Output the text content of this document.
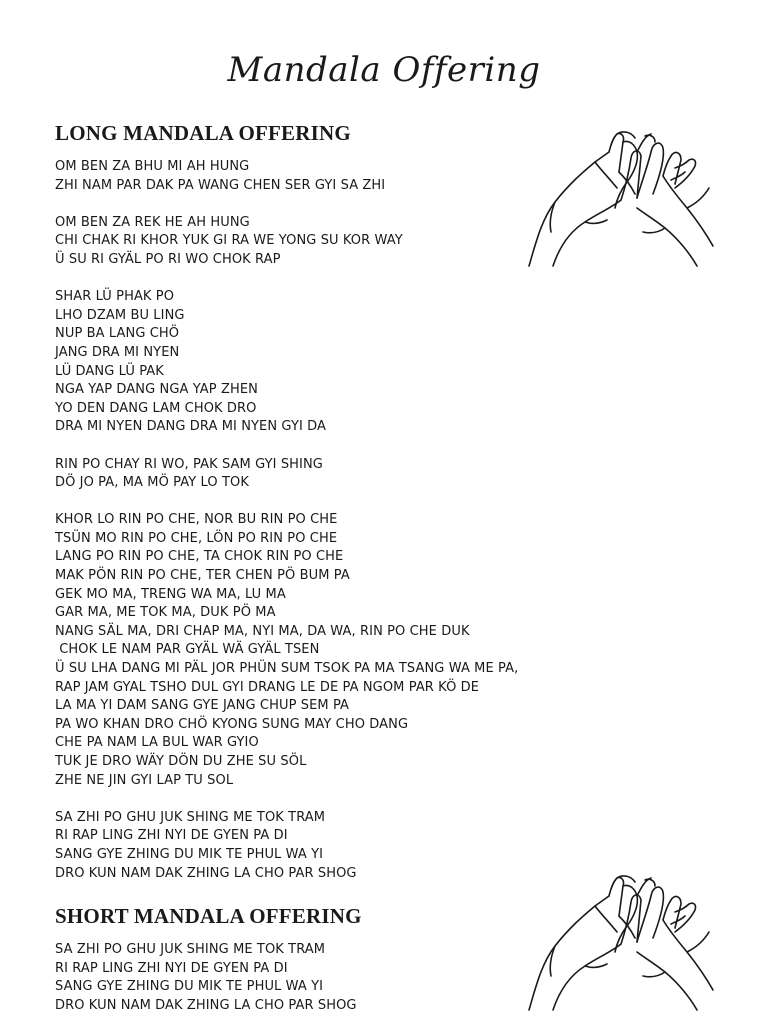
Mandala Offering
LONG MANDALA OFFERING
OM BEN ZA BHU MI AH HUNG
ZHI NAM PAR DAK PA WANG CHEN SER GYI SA ZHI
OM BEN ZA REK HE AH HUNG
CHI CHAK RI KHOR YUK GI RA WE YONG SU KOR WAY
Ü SU RI GYÄL PO RI WO CHOK RAP
SHAR LÜ PHAK PO
LHO DZAM BU LING
NUP BA LANG CHÖ
JANG DRA MI NYEN
LÜ DANG LÜ PAK
NGA YAP DANG NGA YAP ZHEN
YO DEN DANG LAM CHOK DRO
DRA MI NYEN DANG DRA MI NYEN GYI DA
RIN PO CHAY RI WO, PAK SAM GYI SHING
DÖ JO PA, MA MÖ PAY LO TOK
KHOR LO RIN PO CHE, NOR BU RIN PO CHE
TSÜN MO RIN PO CHE, LÖN PO RIN PO CHE
LANG PO RIN PO CHE, TA CHOK RIN PO CHE
MAK PÖN RIN PO CHE, TER CHEN PÖ BUM PA
GEK MO MA, TRENG WA MA, LU MA
GAR MA, ME TOK MA, DUK PÖ MA
NANG SÄL MA, DRI CHAP MA, NYI MA, DA WA, RIN PO CHE DUK
CHOK LE NAM PAR GYÄL WÄ GYÄL TSEN
Ü SU LHA DANG MI PÄL JOR PHÜN SUM TSOK PA MA TSANG WA ME PA,
RAP JAM GYAL TSHO DUL GYI DRANG LE DE PA NGOM PAR KÖ DE
LA MA YI DAM SANG GYE JANG CHUP SEM PA
PA WO KHAN DRO CHÖ KYONG SUNG MAY CHO DANG
CHE PA NAM LA BUL WAR GYIO
TUK JE DRO WÄY DÖN DU ZHE SU SÖL
ZHE NE JIN GYI LAP TU SOL
SA ZHI PO GHU JUK SHING ME TOK TRAM
RI RAP LING ZHI NYI DE GYEN PA DI
SANG GYE ZHING DU MIK TE PHUL WA YI
DRO KUN NAM DAK ZHING LA CHO PAR SHOG
SHORT MANDALA OFFERING
SA ZHI PO GHU JUK SHING ME TOK TRAM
RI RAP LING ZHI NYI DE GYEN PA DI
SANG GYE ZHING DU MIK TE PHUL WA YI
DRO KUN NAM DAK ZHING LA CHO PAR SHOG
